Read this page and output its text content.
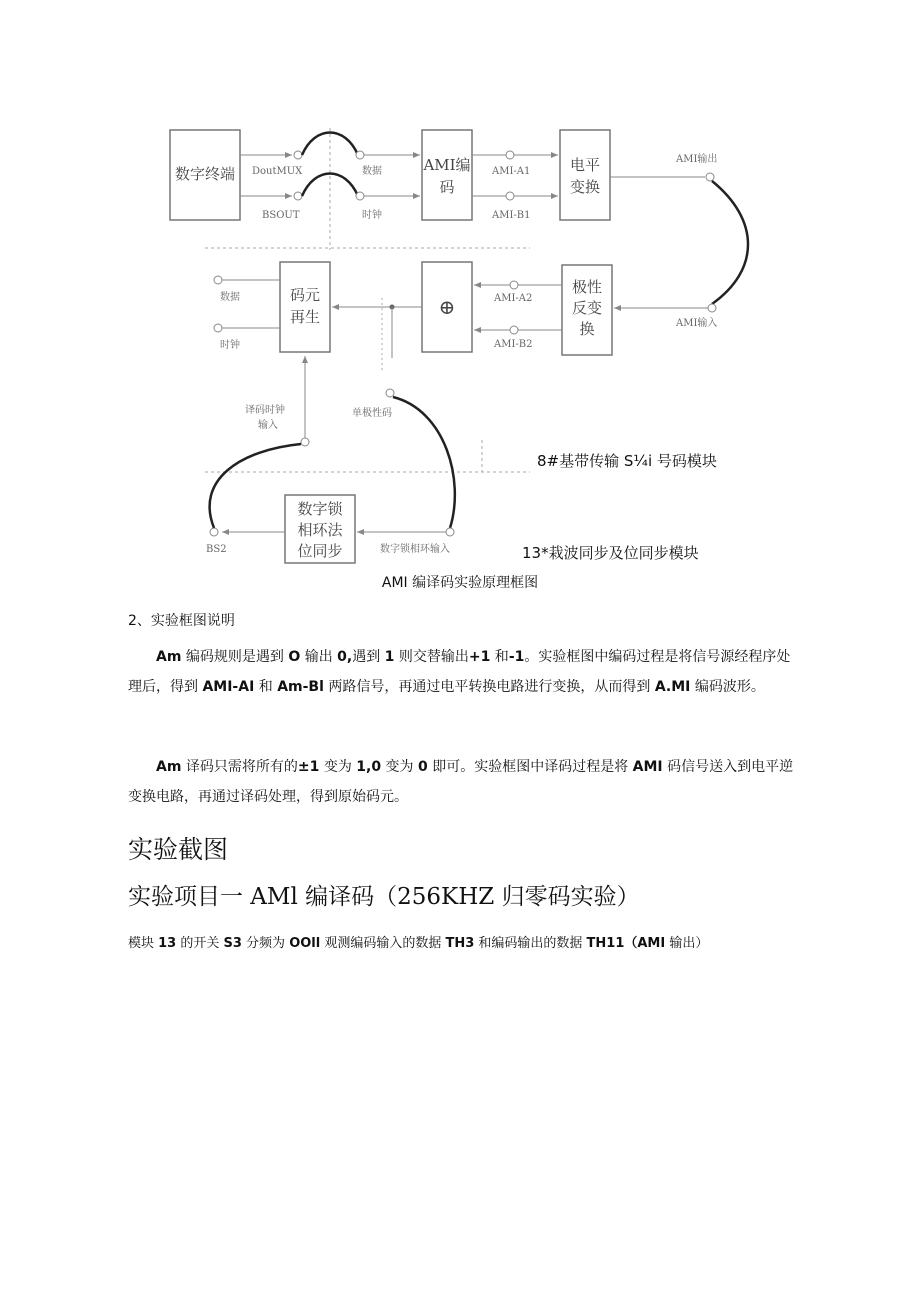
数字终端	AMI编
码
电平
变换
极性
反变
换
⊕
码元
再生
数字锁
相环法
位同步
DoutMUX
BSOUT
数据
时钟
AMI-A1
AMI-B1
AMI输出
AMI输入
AMI-A2
AMI-B2
数据
时钟
译码时钟
输入
单极性码
数字锁相环输入
BS2
8#基带传输 S¼i 号码模块
13*栽波同步及位同步模块
AMI 编译码实验原理框图
2、实验框图说明
Am 编码规则是遇到 O 输出 0,遇到 1 则交替输出+1 和-1。实验框图中编码过程是将信号源经程序处理后，得到 AMI-AI 和 Am-Bl 两路信号，再通过电平转换电路进行变换，从而得到 A.MI 编码波形。
Am 译码只需将所有的±1 变为 1,0 变为 0 即可。实验框图中译码过程是将 AMI 码信号送入到电平逆变换电路，再通过译码处理，得到原始码元。
实验截图
实验项目一 AMl 编译码（256KHZ 归零码实验）
模块 13 的开关 S3 分频为 OOll 观测编码输入的数据 TH3 和编码输出的数据 TH11（AMI 输出）
